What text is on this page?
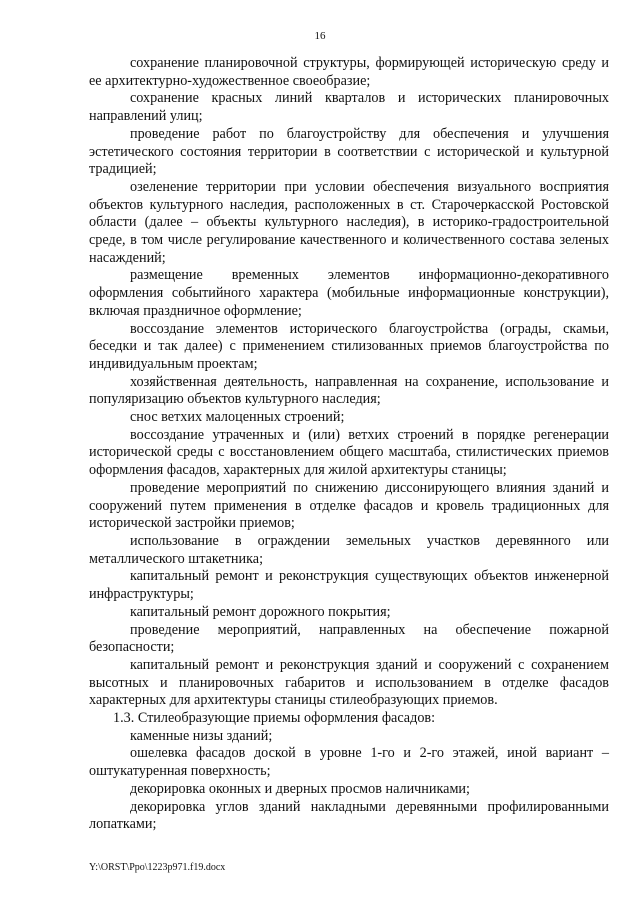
16

сохранение планировочной структуры, формирующей историческую среду и ее архитектурно-художественное своеобразие;

сохранение красных линий кварталов и исторических планировочных направлений улиц;

проведение работ по благоустройству для обеспечения и улучшения эстетического состояния территории в соответствии с исторической и культурной традицией;

озеленение территории при условии обеспечения визуального восприятия объектов культурного наследия, расположенных в ст. Старочеркасской Ростовской области (далее – объекты культурного наследия), в историко-градостроительной среде, в том числе регулирование качественного и количественного состава зеленых насаждений;

размещение временных элементов информационно-декоративного оформления событийного характера (мобильные информационные конструкции), включая праздничное оформление;

воссоздание элементов исторического благоустройства (ограды, скамьи, беседки и так далее) с применением стилизованных приемов благоустройства по индивидуальным проектам;

хозяйственная деятельность, направленная на сохранение, использование и популяризацию объектов культурного наследия;

снос ветхих малоценных строений;

воссоздание утраченных и (или) ветхих строений в порядке регенерации исторической среды с восстановлением общего масштаба, стилистических приемов оформления фасадов, характерных для жилой архитектуры станицы;

проведение мероприятий по снижению диссонирующего влияния зданий и сооружений путем применения в отделке фасадов и кровель традиционных для исторической застройки приемов;

использование в ограждении земельных участков деревянного или металлического штакетника;

капитальный ремонт и реконструкция существующих объектов инженерной инфраструктуры;

капитальный ремонт дорожного покрытия;

проведение мероприятий, направленных на обеспечение пожарной безопасности;

капитальный ремонт и реконструкция зданий и сооружений с сохранением высотных и планировочных габаритов и использованием в отделке фасадов характерных для архитектуры станицы стилеобразующих приемов.

1.3. Стилеобразующие приемы оформления фасадов:

каменные низы зданий;

ошелевка фасадов доской в уровне 1-го и 2-го этажей, иной вариант – оштукатуренная поверхность;

декорировка оконных и дверных просмов наличниками;

декорировка углов зданий накладными деревянными профилированными лопатками;

Y:\ORST\Ppo\1223p971.f19.docx
